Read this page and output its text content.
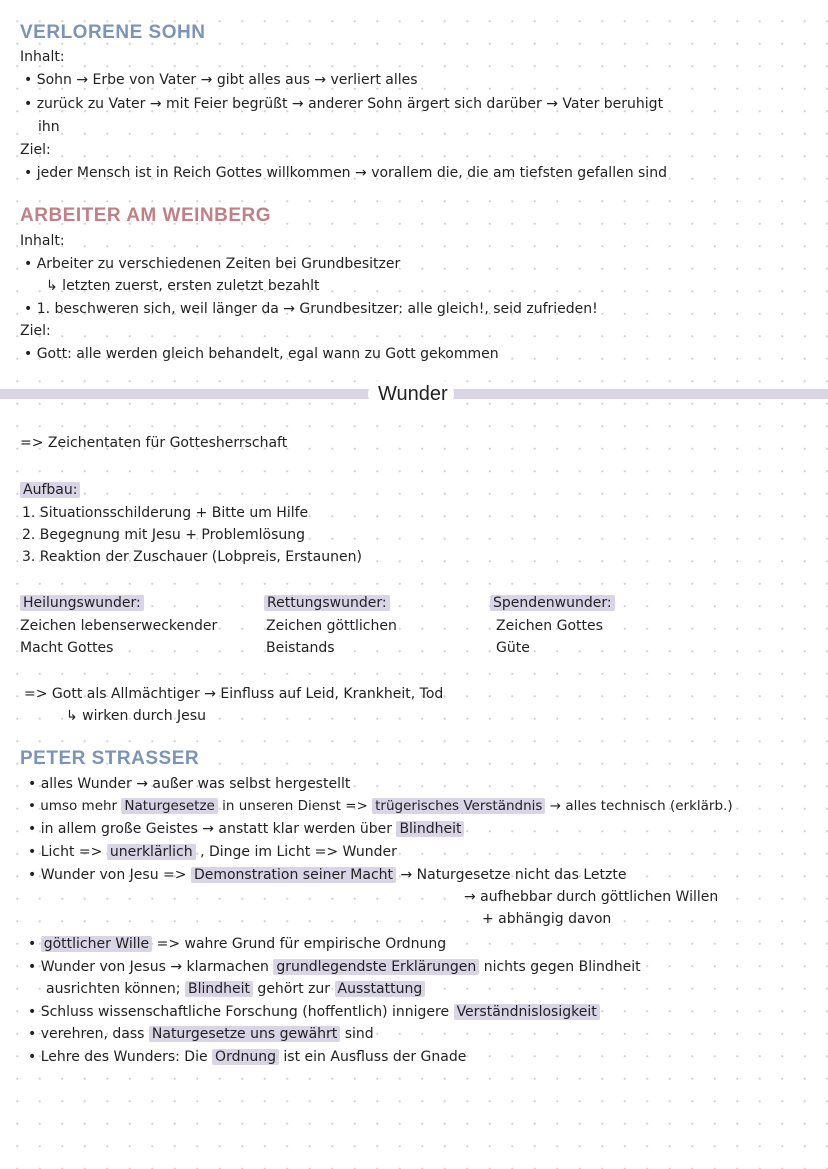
VERLORENE SOHN
Inhalt:
• Sohn → Erbe von Vater → gibt alles aus → verliert alles
• zurück zu Vater → mit Feier begrüßt → anderer Sohn ärgert sich darüber → Vater beruhigt
ihn
Ziel:
• jeder Mensch ist in Reich Gottes willkommen → vorallem die, die am tiefsten gefallen sind
ARBEITER AM WEINBERG
Inhalt:
• Arbeiter zu verschiedenen Zeiten bei Grundbesitzer
↳ letzten zuerst, ersten zuletzt bezahlt
• 1. beschweren sich, weil länger da → Grundbesitzer: alle gleich!, seid zufrieden!
Ziel:
• Gott: alle werden gleich behandelt, egal wann zu Gott gekommen
Wunder
=> Zeichentaten für Gottesherrschaft
Aufbau:
1. Situationsschilderung + Bitte um Hilfe
2. Begegnung mit Jesu + Problemlösung
3. Reaktion der Zuschauer (Lobpreis, Erstaunen)
Heilungswunder:
Zeichen lebenserweckender
Macht Gottes
Rettungswunder:
Zeichen göttlichen
Beistands
Spendenwunder:
Zeichen Gottes
Güte
=> Gott als Allmächtiger → Einfluss auf Leid, Krankheit, Tod
↳ wirken durch Jesu
PETER STRASSER
• alles Wunder → außer was selbst hergestellt
• umso mehr Naturgesetze in unseren Dienst => trügerisches Verständnis → alles technisch (erklärb.)
• in allem große Geistes → anstatt klar werden über Blindheit
• Licht => unerklärlich , Dinge im Licht => Wunder
• Wunder von Jesu => Demonstration seiner Macht → Naturgesetze nicht das Letzte
→ aufhebbar durch göttlichen Willen
+ abhängig davon
• göttlicher Wille => wahre Grund für empirische Ordnung
• Wunder von Jesus → klarmachen grundlegendste Erklärungen nichts gegen Blindheit
ausrichten können; Blindheit gehört zur Ausstattung
• Schluss wissenschaftliche Forschung (hoffentlich) innigere Verständnislosigkeit
• verehren, dass Naturgesetze uns gewährt sind
• Lehre des Wunders: Die Ordnung ist ein Ausfluss der Gnade
